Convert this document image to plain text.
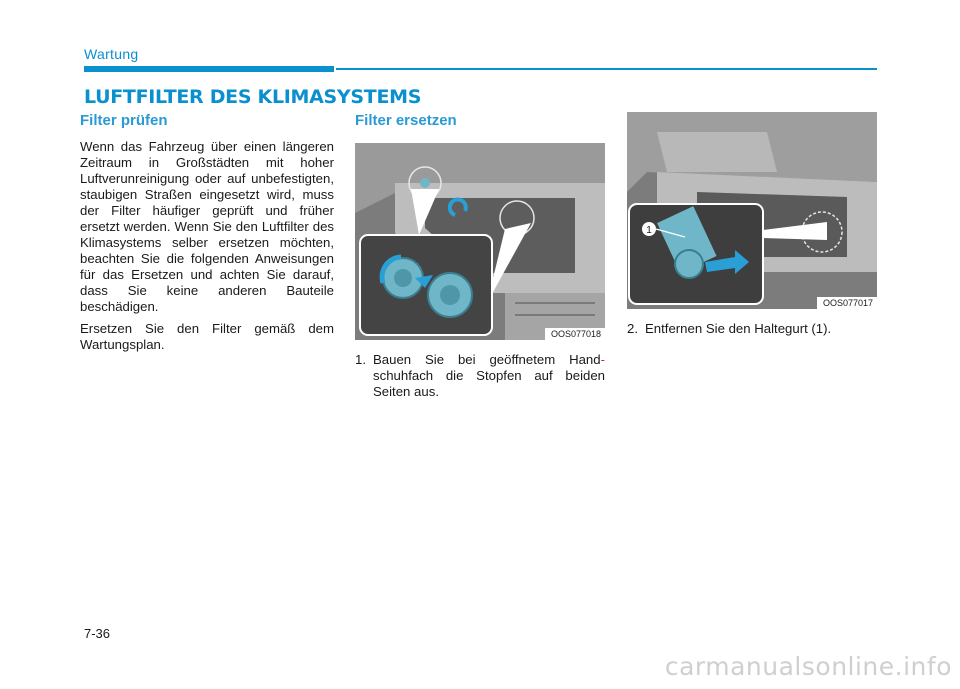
Wartung
LUFTFILTER DES KLIMASYSTEMS
Filter prüfen

Wenn das Fahrzeug über einen längeren Zeitraum in Großstädten mit hoher Luftverunreinigung oder auf unbefestigten, staubigen Straßen eingesetzt wird, muss der Filter häufiger geprüft und früher ersetzt werden. Wenn Sie den Luftfilter des Klimasystems selber ersetzen möchten, beachten Sie die folgenden Anweisungen für das Ersetzen und achten Sie darauf, dass Sie keine anderen Bauteile beschädigen.

Ersetzen Sie den Filter gemäß dem Wartungsplan.

Filter ersetzen
OOS077018
1. Bauen Sie bei geöffnetem Hand- schuhfach die Stopfen auf beiden Seiten aus.
1
OOS077017
2. Entfernen Sie den Haltegurt (1).
7-36
carmanualsonline.info
